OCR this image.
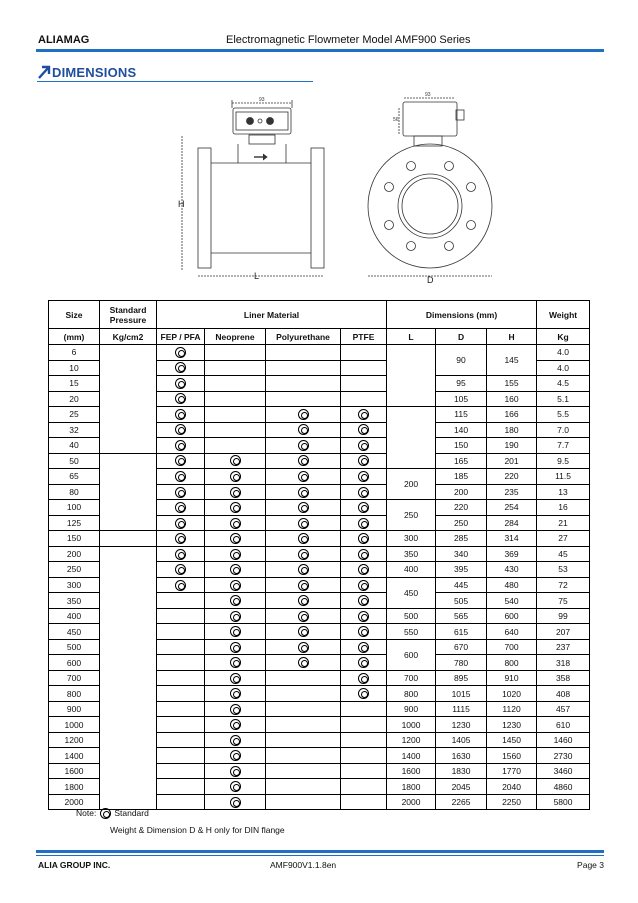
ALIAMAG	Electromagnetic Flowmeter Model AMF900 Series
DIMENSIONS
93
93
56
H
L	D
Size	Standard Pressure	Liner Material				Dimensions (mm)			Weight
(mm)	Kg/cm2	FEP / PFA	Neoprene	Polyurethane	PTFE	L	D	H	Kg
6							90	145	4.0
10									4.0
15							95	155	4.5
20							105	160	5.1
25							115	166	5.5
32							140	180	7.0
40							150	190	7.7
50							165	201	9.5
65						200	185	220	11.5
80							200	235	13
100						250	220	254	16
125							250	284	21
150						300	285	314	27
200						350	340	369	45
250						400	395	430	53
300						450	445	480	72
350							505	540	75
400						500	565	600	99
450						550	615	640	207
500						600	670	700	237
600							780	800	318
700						700	895	910	358
800						800	1015	1020	408
900						900	1115	1120	457
1000						1000	1230	1230	610
1200						1200	1405	1450	1460
1400						1400	1630	1560	2730
1600						1600	1830	1770	3460
1800						1800	2045	2040	4860
2000						2000	2265	2250	5800
Note: Standard
Weight & Dimension D & H only for DIN flange
ALIA GROUP INC.	AMF900V1.1.8en	Page 3
